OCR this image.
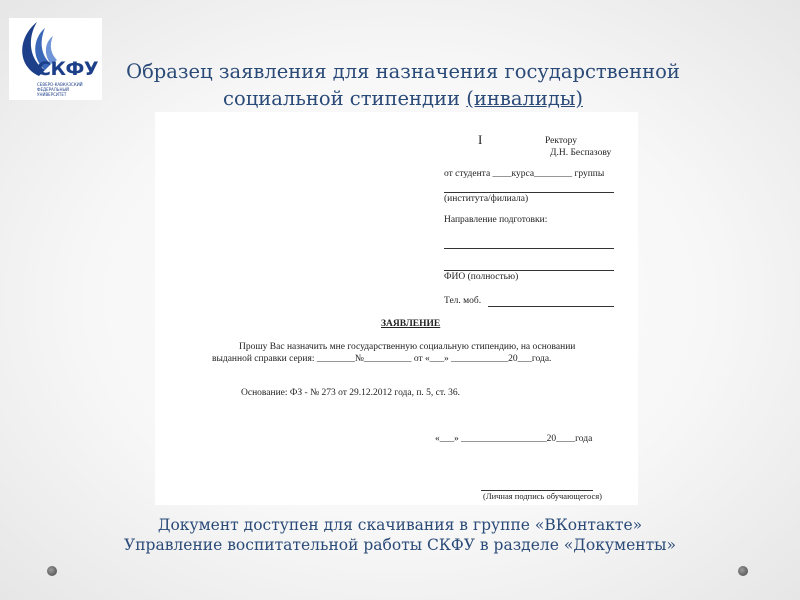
СКФУ
СЕВЕРО-КАВКАЗСКИЙ ФЕДЕРАЛЬНЫЙ УНИВЕРСИТЕТ
Образец заявления для назначения государственной
социальной стипендии (инвалиды)
I	Ректору
Д.Н. Беспазову
от студента ____курса________ группы
(института/филиала)
Направление подготовки:
ФИО (полностью)
Тел. моб.
ЗАЯВЛЕНИЕ
Прошу Вас назначить мне государственную социальную стипендию, на основании
выданной справки серия: ________№__________ от «___» ____________20___года.
Основание: ФЗ - № 273 от 29.12.2012 года, п. 5, ст. 36.
«___» __________________20____года
(Личная подпись обучающегося)
Документ доступен для скачивания в группе «ВКонтакте»
Управление воспитательной работы СКФУ в разделе «Документы»
